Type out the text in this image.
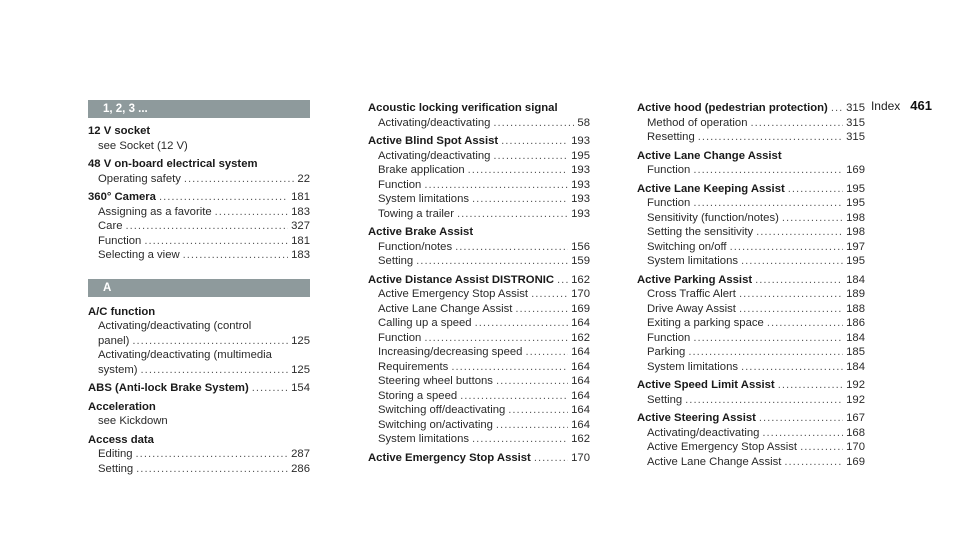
Index 461
1, 2, 3 ...
12 V socket
see Socket (12 V)
48 V on-board electrical system
Operating safety .....	22
360° Camera .....	181
Assigning as a favorite .....	183
Care .....	327
Function .....	181
Selecting a view .....	183
A
A/C function
Activating/deactivating (control
panel) .....	125
Activating/deactivating (multimedia
system) .....	125
ABS (Anti-lock Brake System) .....	154
Acceleration
see Kickdown
Access data
Editing .....	287
Setting .....	286
Acoustic locking verification signal
Activating/deactivating .....	58
Active Blind Spot Assist .....	193
Activating/deactivating .....	195
Brake application .....	193
Function .....	193
System limitations .....	193
Towing a trailer .....	193
Active Brake Assist
Function/notes .....	156
Setting .....	159
Active Distance Assist DISTRONIC ..... 162
Active Emergency Stop Assist .....	170
Active Lane Change Assist .....	169
Calling up a speed .....	164
Function .....	162
Increasing/decreasing speed .....	164
Requirements .....	164
Steering wheel buttons .....	164
Storing a speed .....	164
Switching off/deactivating .....	164
Switching on/activating .....	164
System limitations .....	162
Active Emergency Stop Assist .....	170
Active hood (pedestrian protection) ..... 315
Method of operation .....	315
Resetting .....	315
Active Lane Change Assist
Function .....	169
Active Lane Keeping Assist .....	195
Function .....	195
Sensitivity (function/notes) .....	198
Setting the sensitivity .....	198
Switching on/off .....	197
System limitations .....	195
Active Parking Assist .....	184
Cross Traffic Alert .....	189
Drive Away Assist .....	188
Exiting a parking space .....	186
Function .....	184
Parking .....	185
System limitations .....	184
Active Speed Limit Assist .....	192
Setting .....	192
Active Steering Assist .....	167
Activating/deactivating .....	168
Active Emergency Stop Assist .....	170
Active Lane Change Assist .....	169
